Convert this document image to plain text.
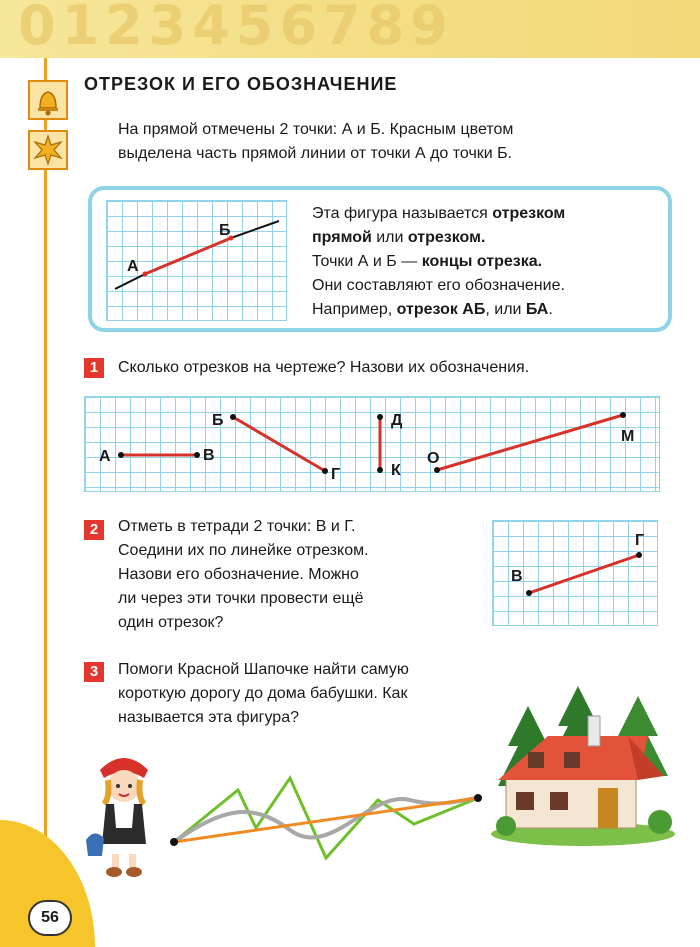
0123456789
ОТРЕЗОК И ЕГО ОБОЗНАЧЕНИЕ
На прямой отмечены 2 точки: А и Б. Красным цветом
выделена часть прямой линии от точки А до точки Б.
А
Б
Эта фигура называется отрезком
прямой или отрезком.
Точки А и Б — концы отрезка.
Они составляют его обозначение.
Например, отрезок АБ, или БА.
1	Сколько отрезков на чертеже? Назови их обозначения.
А	В
Б
Г
Д
К
О
М
2	Отметь в тетради 2 точки: В и Г.
Соедини их по линейке отрезком.
Назови его обозначение. Можно
ли через эти точки провести ещё
один отрезок?
В
Г
3	Помоги Красной Шапочке найти самую
короткую дорогу до дома бабушки. Как
называется эта фигура?
56
